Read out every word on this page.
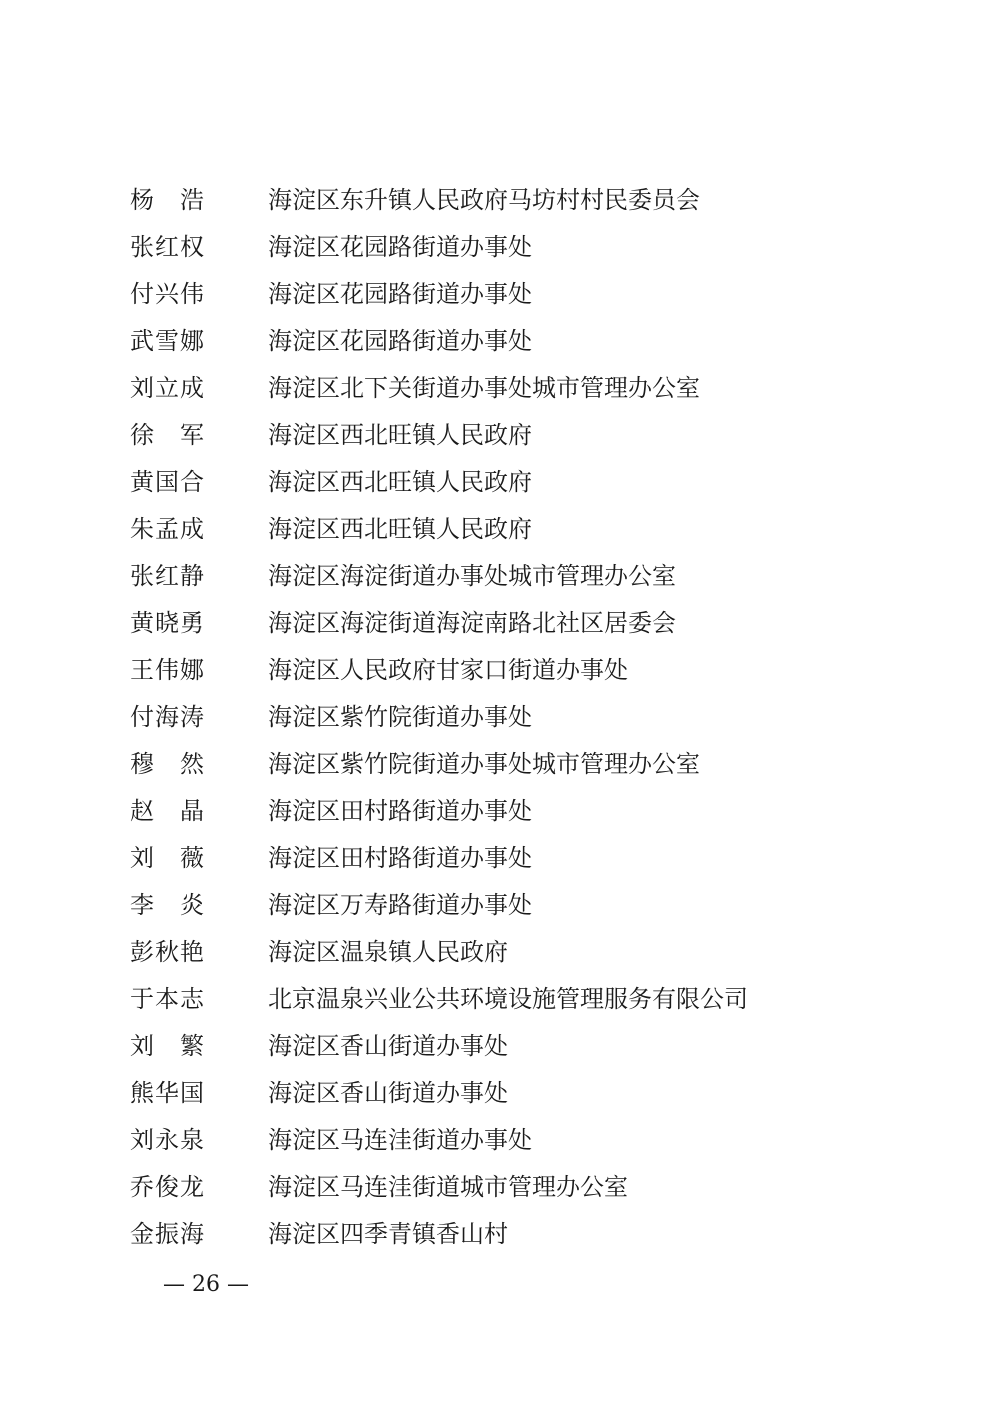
杨 浩	海淀区东升镇人民政府马坊村村民委员会
张 红 权	海淀区花园路街道办事处
付 兴 伟	海淀区花园路街道办事处
武 雪 娜	海淀区花园路街道办事处
刘 立 成	海淀区北下关街道办事处城市管理办公室
徐 军	海淀区西北旺镇人民政府
黄 国 合	海淀区西北旺镇人民政府
朱 孟 成	海淀区西北旺镇人民政府
张 红 静	海淀区海淀街道办事处城市管理办公室
黄 晓 勇	海淀区海淀街道海淀南路北社区居委会
王 伟 娜	海淀区人民政府甘家口街道办事处
付 海 涛	海淀区紫竹院街道办事处
穆 然	海淀区紫竹院街道办事处城市管理办公室
赵 晶	海淀区田村路街道办事处
刘 薇	海淀区田村路街道办事处
李 炎	海淀区万寿路街道办事处
彭 秋 艳	海淀区温泉镇人民政府
于 本 志	北京温泉兴业公共环境设施管理服务有限公司
刘 繁	海淀区香山街道办事处
熊 华 国	海淀区香山街道办事处
刘 永 泉	海淀区马连洼街道办事处
乔 俊 龙	海淀区马连洼街道城市管理办公室
金 振 海	海淀区四季青镇香山村
— 26 —
